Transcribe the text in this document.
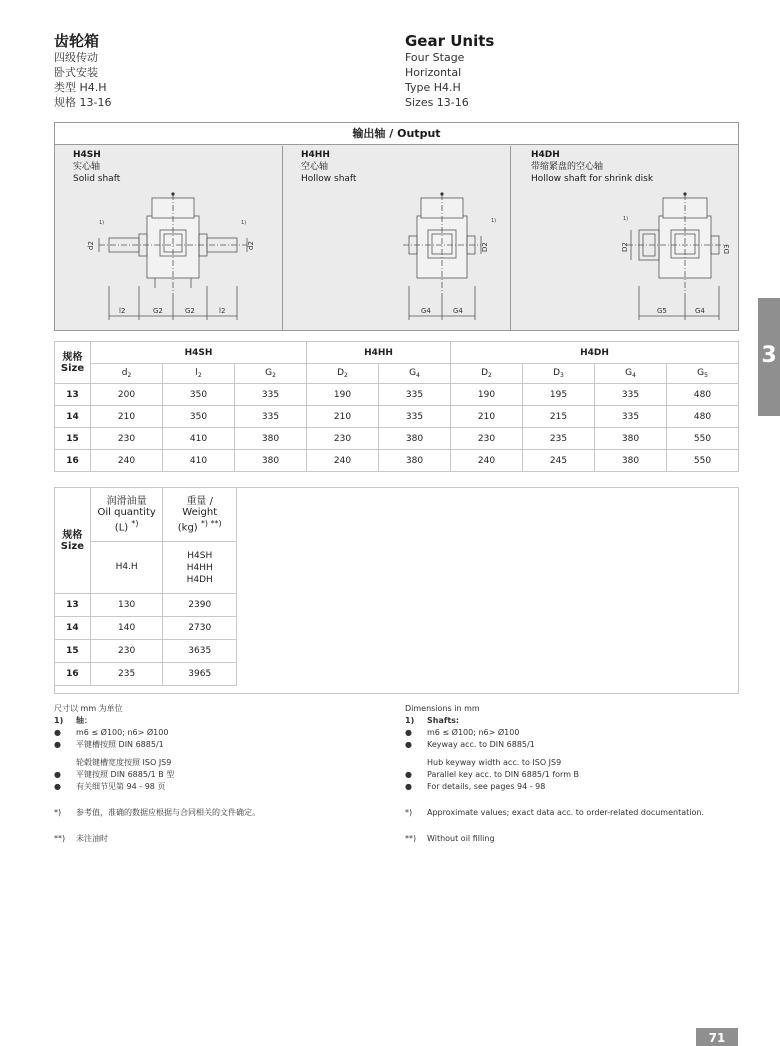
齿轮箱
四级传动
卧式安装
类型 H4.H
规格 13-16
Gear Units
Four Stage
Horizontal
Type H4.H
Sizes 13-16
输出轴 / Output
l2	G2	G2	l2
d2	d2
1)	1)
H4SH
实心轴
Solid shaft
D2
G4	G4
1)
H4HH
空心轴
Hollow shaft
D2	D3
G5	G4
1)
H4DH
带缩紧盘的空心轴
Hollow shaft for shrink disk
规格
Size	H4SH			H4HH		H4DH			
	$d_2$	$l_2$	$G_2$	$D_2$	$G_4$	$D_2$	$D_3$	$G_4$	$G_5$
13	200	350	335	190	335	190	195	335	480
14	210	350	335	210	335	210	215	335	480
15	230	410	380	230	380	230	235	380	550
16	240	410	380	240	380	240	245	380	550
规格
Size	润滑油量
Oil quantity
(L) *)	重量 /
Weight
(kg) *) **)
	H4.H	H4SH
H4HH
H4DH
13	130	2390
14	140	2730
15	230	3635
16	235	3965
尺寸以 mm 为单位
1) 轴：
● m6 ≤ Ø100; n6> Ø100
● 平键槽按照 DIN 6885/1
轮毂键槽宽度按照 ISO JS9
● 平键按照 DIN 6885/1 B 型
● 有关细节见第 94 - 98 页
*) 参考值，准确的数据应根据与合同相关的文件确定。
**) 未注油时
Dimensions in mm
1) Shafts:
● m6 ≤ Ø100; n6> Ø100
● Keyway acc. to DIN 6885/1
Hub keyway width acc. to ISO JS9
● Parallel key acc. to DIN 6885/1 form B
● For details, see pages 94 - 98
*) Approximate values; exact data acc. to order-related documentation.
**) Without oil filling
3
71
